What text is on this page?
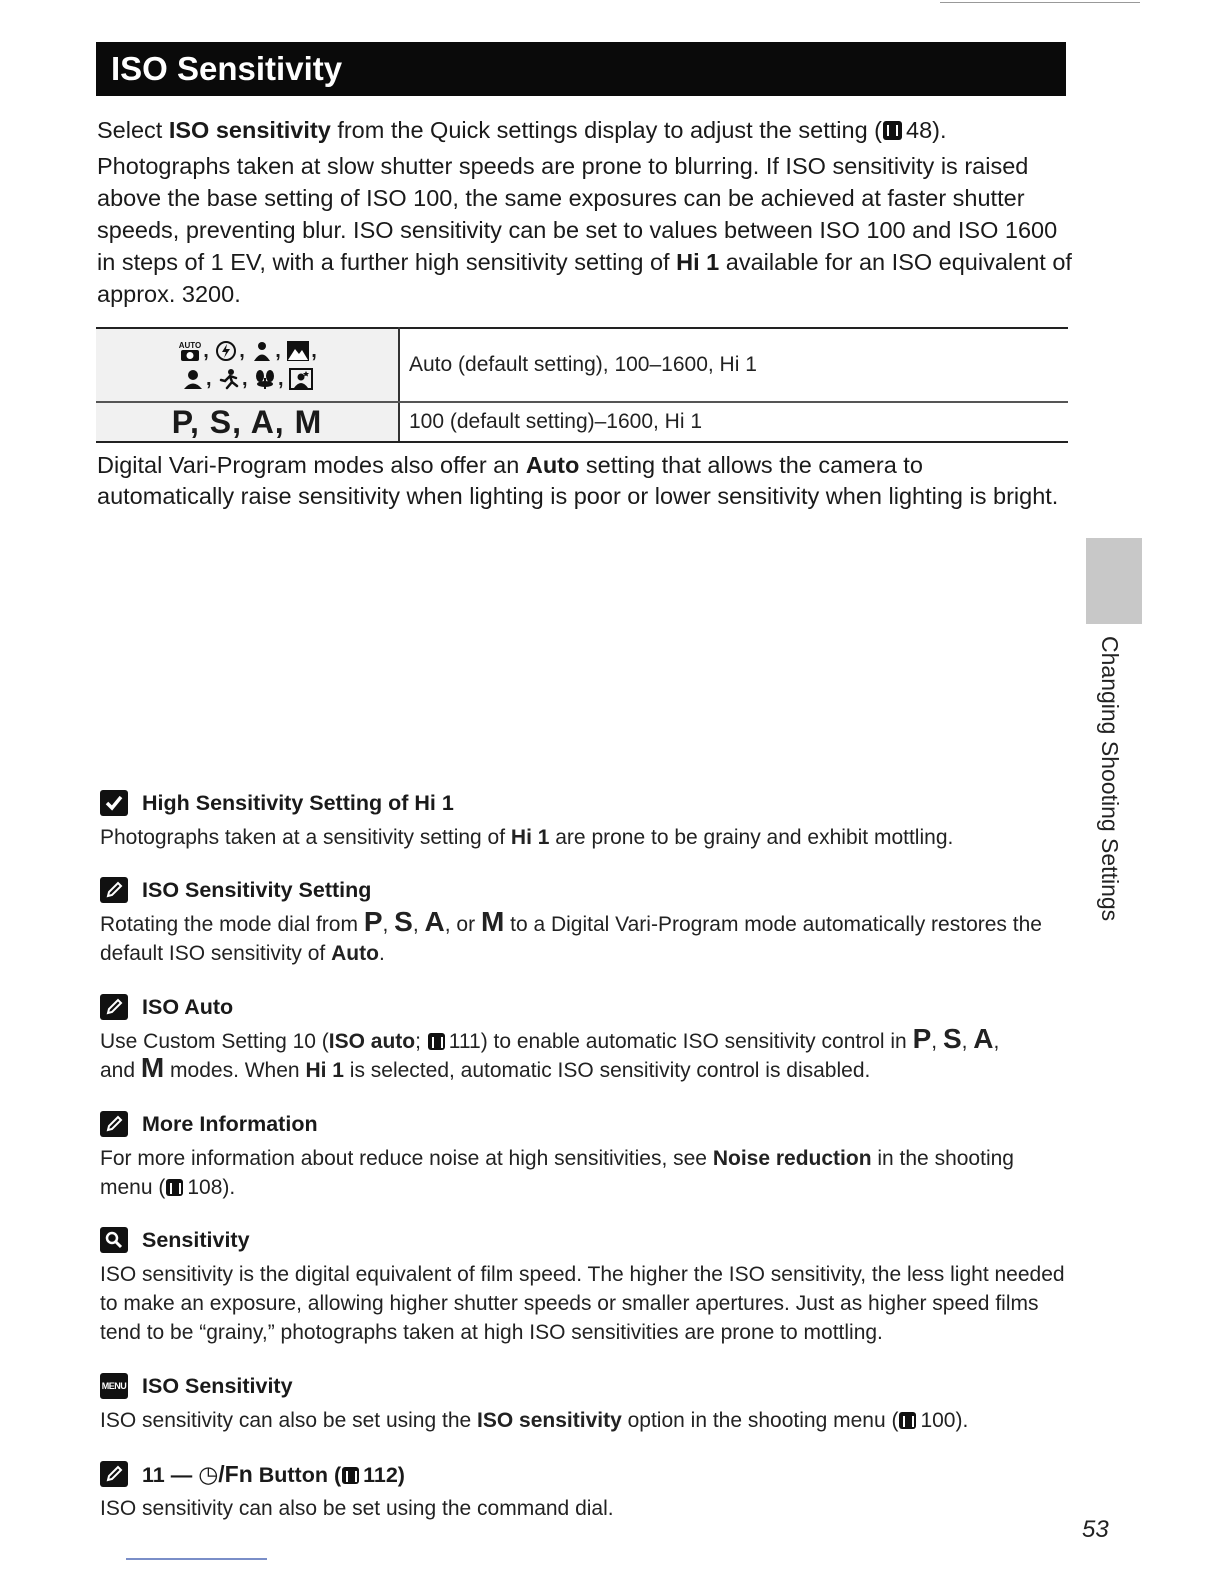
ISO Sensitivity

Select ISO sensitivity from the Quick settings display to adjust the setting ( 48).

Photographs taken at slow shutter speeds are prone to blurring. If ISO sensitivity is raised above the base setting of ISO 100, the same exposures can be achieved at faster shutter speeds, preventing blur. ISO sensitivity can be set to values between ISO 100 and ISO 1600 in steps of 1 EV, with a further high sensitivity setting of Hi 1 available for an ISO equivalent of approx. 3200.

AUTO , , , ,
, , ,	Auto (default setting), 100–1600, Hi 1
P, S, A, M	100 (default setting)–1600, Hi 1

Digital Vari-Program modes also offer an Auto setting that allows the camera to automatically raise sensitivity when lighting is poor or lower sensitivity when lighting is bright.

Changing Shooting Settings
High Sensitivity Setting of Hi 1

Photographs taken at a sensitivity setting of Hi 1 are prone to be grainy and exhibit mottling.

ISO Sensitivity Setting

Rotating the mode dial from P, S, A, or M to a Digital Vari-Program mode automatically restores the default ISO sensitivity of Auto.

ISO Auto

Use Custom Setting 10 (ISO auto; 111) to enable automatic ISO sensitivity control in P, S, A,
and M modes. When Hi 1 is selected, automatic ISO sensitivity control is disabled.

More Information

For more information about reduce noise at high sensitivities, see Noise reduction in the shooting menu ( 108).

Sensitivity

ISO sensitivity is the digital equivalent of film speed. The higher the ISO sensitivity, the less light needed to make an exposure, allowing higher shutter speeds or smaller apertures. Just as higher speed films tend to be “grainy,” photographs taken at high ISO sensitivities are prone to mottling.

MENU ISO Sensitivity

ISO sensitivity can also be set using the ISO sensitivity option in the shooting menu ( 100).

11 — ◷/Fn Button ( 112)

ISO sensitivity can also be set using the command dial.

53
